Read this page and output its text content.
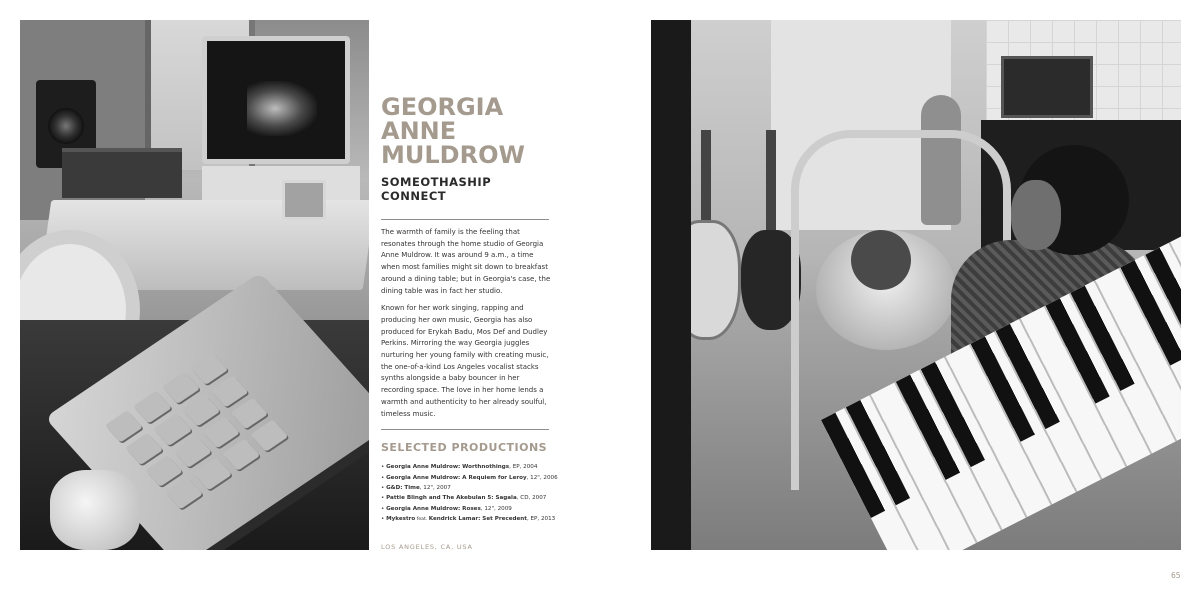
GEORGIA ANNE
MULDROW
SOMEOTHASHIP CONNECT

The warmth of family is the feeling that resonates through the home studio of Georgia Anne Muldrow. It was around 9 a.m., a time when most families might sit down to breakfast around a dining table; but in Georgia's case, the dining table was in fact her studio.

Known for her work singing, rapping and producing her own music, Georgia has also produced for Erykah Badu, Mos Def and Dudley Perkins. Mirroring the way Georgia juggles nurturing her young family with creating music, the one-of-a-kind Los Angeles vocalist stacks synths alongside a baby bouncer in her recording space. The love in her home lends a warmth and authenticity to her already soulful, timeless music.

SELECTED PRODUCTIONS
• Georgia Anne Muldrow: Worthnothings, EP, 2004
• Georgia Anne Muldrow: A Requiem for Leroy, 12", 2006
• G&D: Time, 12", 2007
• Pattie Blingh and The Akebulan 5: Sagala, CD, 2007
• Georgia Anne Muldrow: Roses, 12", 2009
• Mykestro feat. Kendrick Lamar: Set Precedent, EP, 2013
LOS ANGELES, CA, USA
65
